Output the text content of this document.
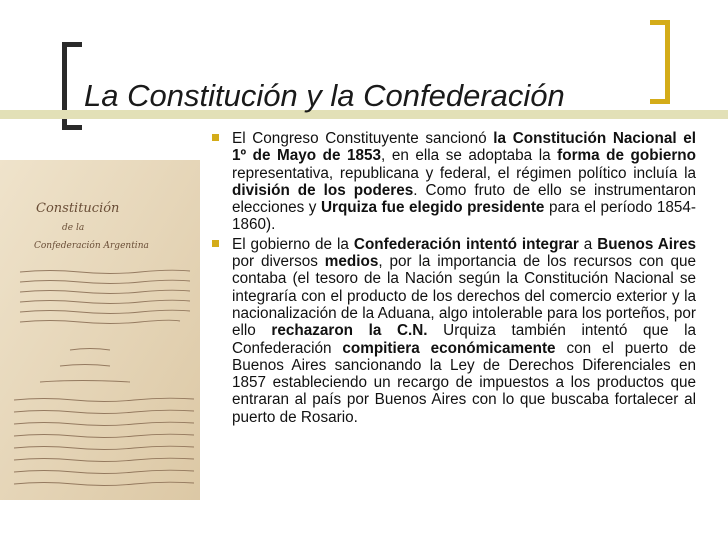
La Constitución y la Confederación
Constitución
de la
Confederación Argentina
El Congreso Constituyente sancionó la Constitución Nacional el 1º de Mayo de 1853, en ella se adoptaba la forma de gobierno representativa, republicana y federal, el régimen político incluía la división de los poderes. Como fruto de ello se instrumentaron elecciones y Urquiza fue elegido presidente para el período 1854-1860).
El gobierno de la Confederación intentó integrar a Buenos Aires por diversos medios, por la importancia de los recursos con que contaba (el tesoro de la Nación según la Constitución Nacional se integraría con el producto de los derechos del comercio exterior y la nacionalización de la Aduana, algo intolerable para los porteños, por ello rechazaron la C.N. Urquiza también intentó que la Confederación compitiera económicamente con el puerto de Buenos Aires sancionando la Ley de Derechos Diferenciales en 1857 estableciendo un recargo de impuestos a los productos que entraran al país por Buenos Aires con lo que buscaba fortalecer al puerto de Rosario.
